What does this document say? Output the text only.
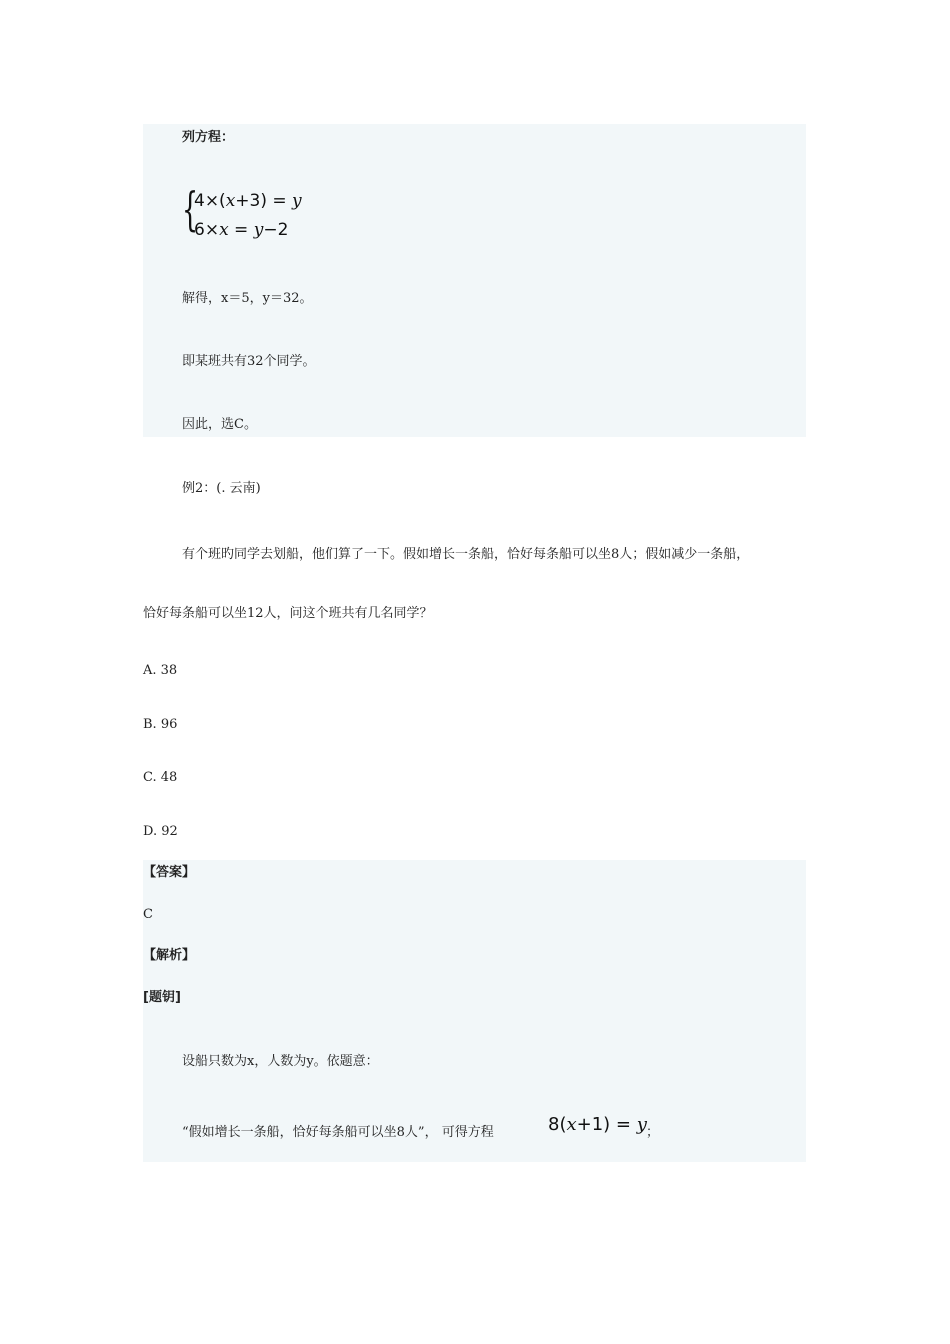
列方程：
{
4×(x+3) = y
6×x = y−2
解得，x＝5，y＝32。
即某班共有32个同学。
因此，选C。
例2：(. 云南)
有个班旳同学去划船，他们算了一下。假如增长一条船，恰好每条船可以坐8人；假如减少一条船，
恰好每条船可以坐12人，问这个班共有几名同学？
A. 38
B. 96
C. 48
D. 92
【答案】
C
【解析】
[题钥]
设船只数为x，人数为y。依题意：
“假如增长一条船，恰好每条船可以坐8人”， 可得方程	8(x+1) = y ；
